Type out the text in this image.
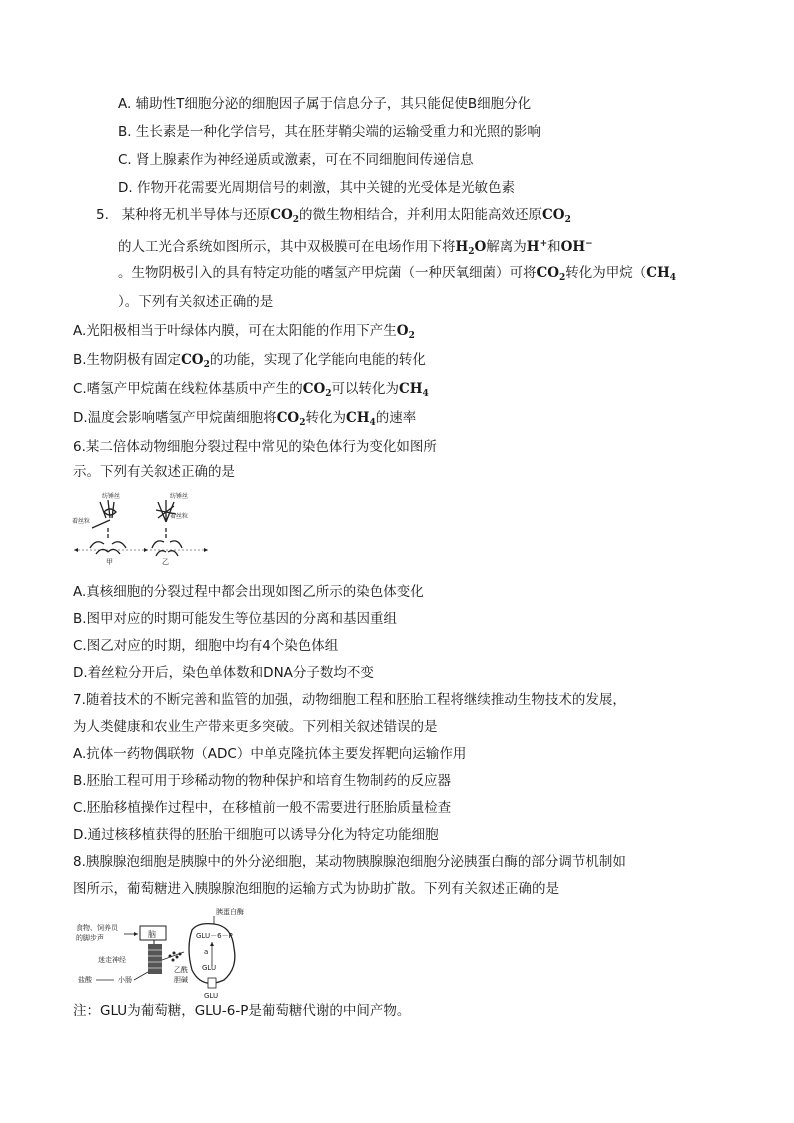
A. 辅助性T细胞分泌的细胞因子属于信息分子，其只能促使B细胞分化
B. 生长素是一种化学信号，其在胚芽鞘尖端的运输受重力和光照的影响
C. 肾上腺素作为神经递质或激素，可在不同细胞间传递信息
D. 作物开花需要光周期信号的刺激，其中关键的光受体是光敏色素
5. 某种将无机半导体与还原$CO_2$的微生物相结合，并利用太阳能高效还原$CO_2$
的人工光合系统如图所示，其中双极膜可在电场作用下将$H_2O$解离为H+和OH−
。生物阴极引入的具有特定功能的嗜氢产甲烷菌（一种厌氧细菌）可将$CO_2$转化为甲烷（$CH_4$
）。下列有关叙述正确的是
A.光阳极相当于叶绿体内膜，可在太阳能的作用下产生$O_2$
B.生物阴极有固定$CO_2$的功能，实现了化学能向电能的转化
C.嗜氢产甲烷菌在线粒体基质中产生的$CO_2$可以转化为$CH_4$
D.温度会影响嗜氢产甲烷菌细胞将$CO_2$转化为$CH_4$的速率
6.某二倍体动物细胞分裂过程中常见的染色体行为变化如图所
示。下列有关叙述正确的是
纺锤丝	纺锤丝
着丝粒
着丝粒
甲	乙
A.真核细胞的分裂过程中都会出现如图乙所示的染色体变化
B.图甲对应的时期可能发生等位基因的分离和基因重组
C.图乙对应的时期，细胞中均有4个染色体组
D.着丝粒分开后，染色单体数和DNA分子数均不变
7.随着技术的不断完善和监管的加强，动物细胞工程和胚胎工程将继续推动生物技术的发展，
为人类健康和农业生产带来更多突破。下列相关叙述错误的是
A.抗体一药物偶联物（ADC）中单克隆抗体主要发挥靶向运输作用
B.胚胎工程可用于珍稀动物的物种保护和培育生物制药的反应器
C.胚胎移植操作过程中，在移植前一般不需要进行胚胎质量检查
D.通过核移植获得的胚胎干细胞可以诱导分化为特定功能细胞
8.胰腺腺泡细胞是胰腺中的外分泌细胞，某动物胰腺腺泡细胞分泌胰蛋白酶的部分调节机制如
图所示，葡萄糖进入胰腺腺泡细胞的运输方式为协助扩散。下列有关叙述正确的是
食物、饲养员
的脚步声	脑
迷走神经
盐酸	小肠
乙酰
胆碱
胰蛋白酶
GLU－6－P
a
GLU
GLU
注：GLU为葡萄糖，GLU-6-P是葡萄糖代谢的中间产物。
